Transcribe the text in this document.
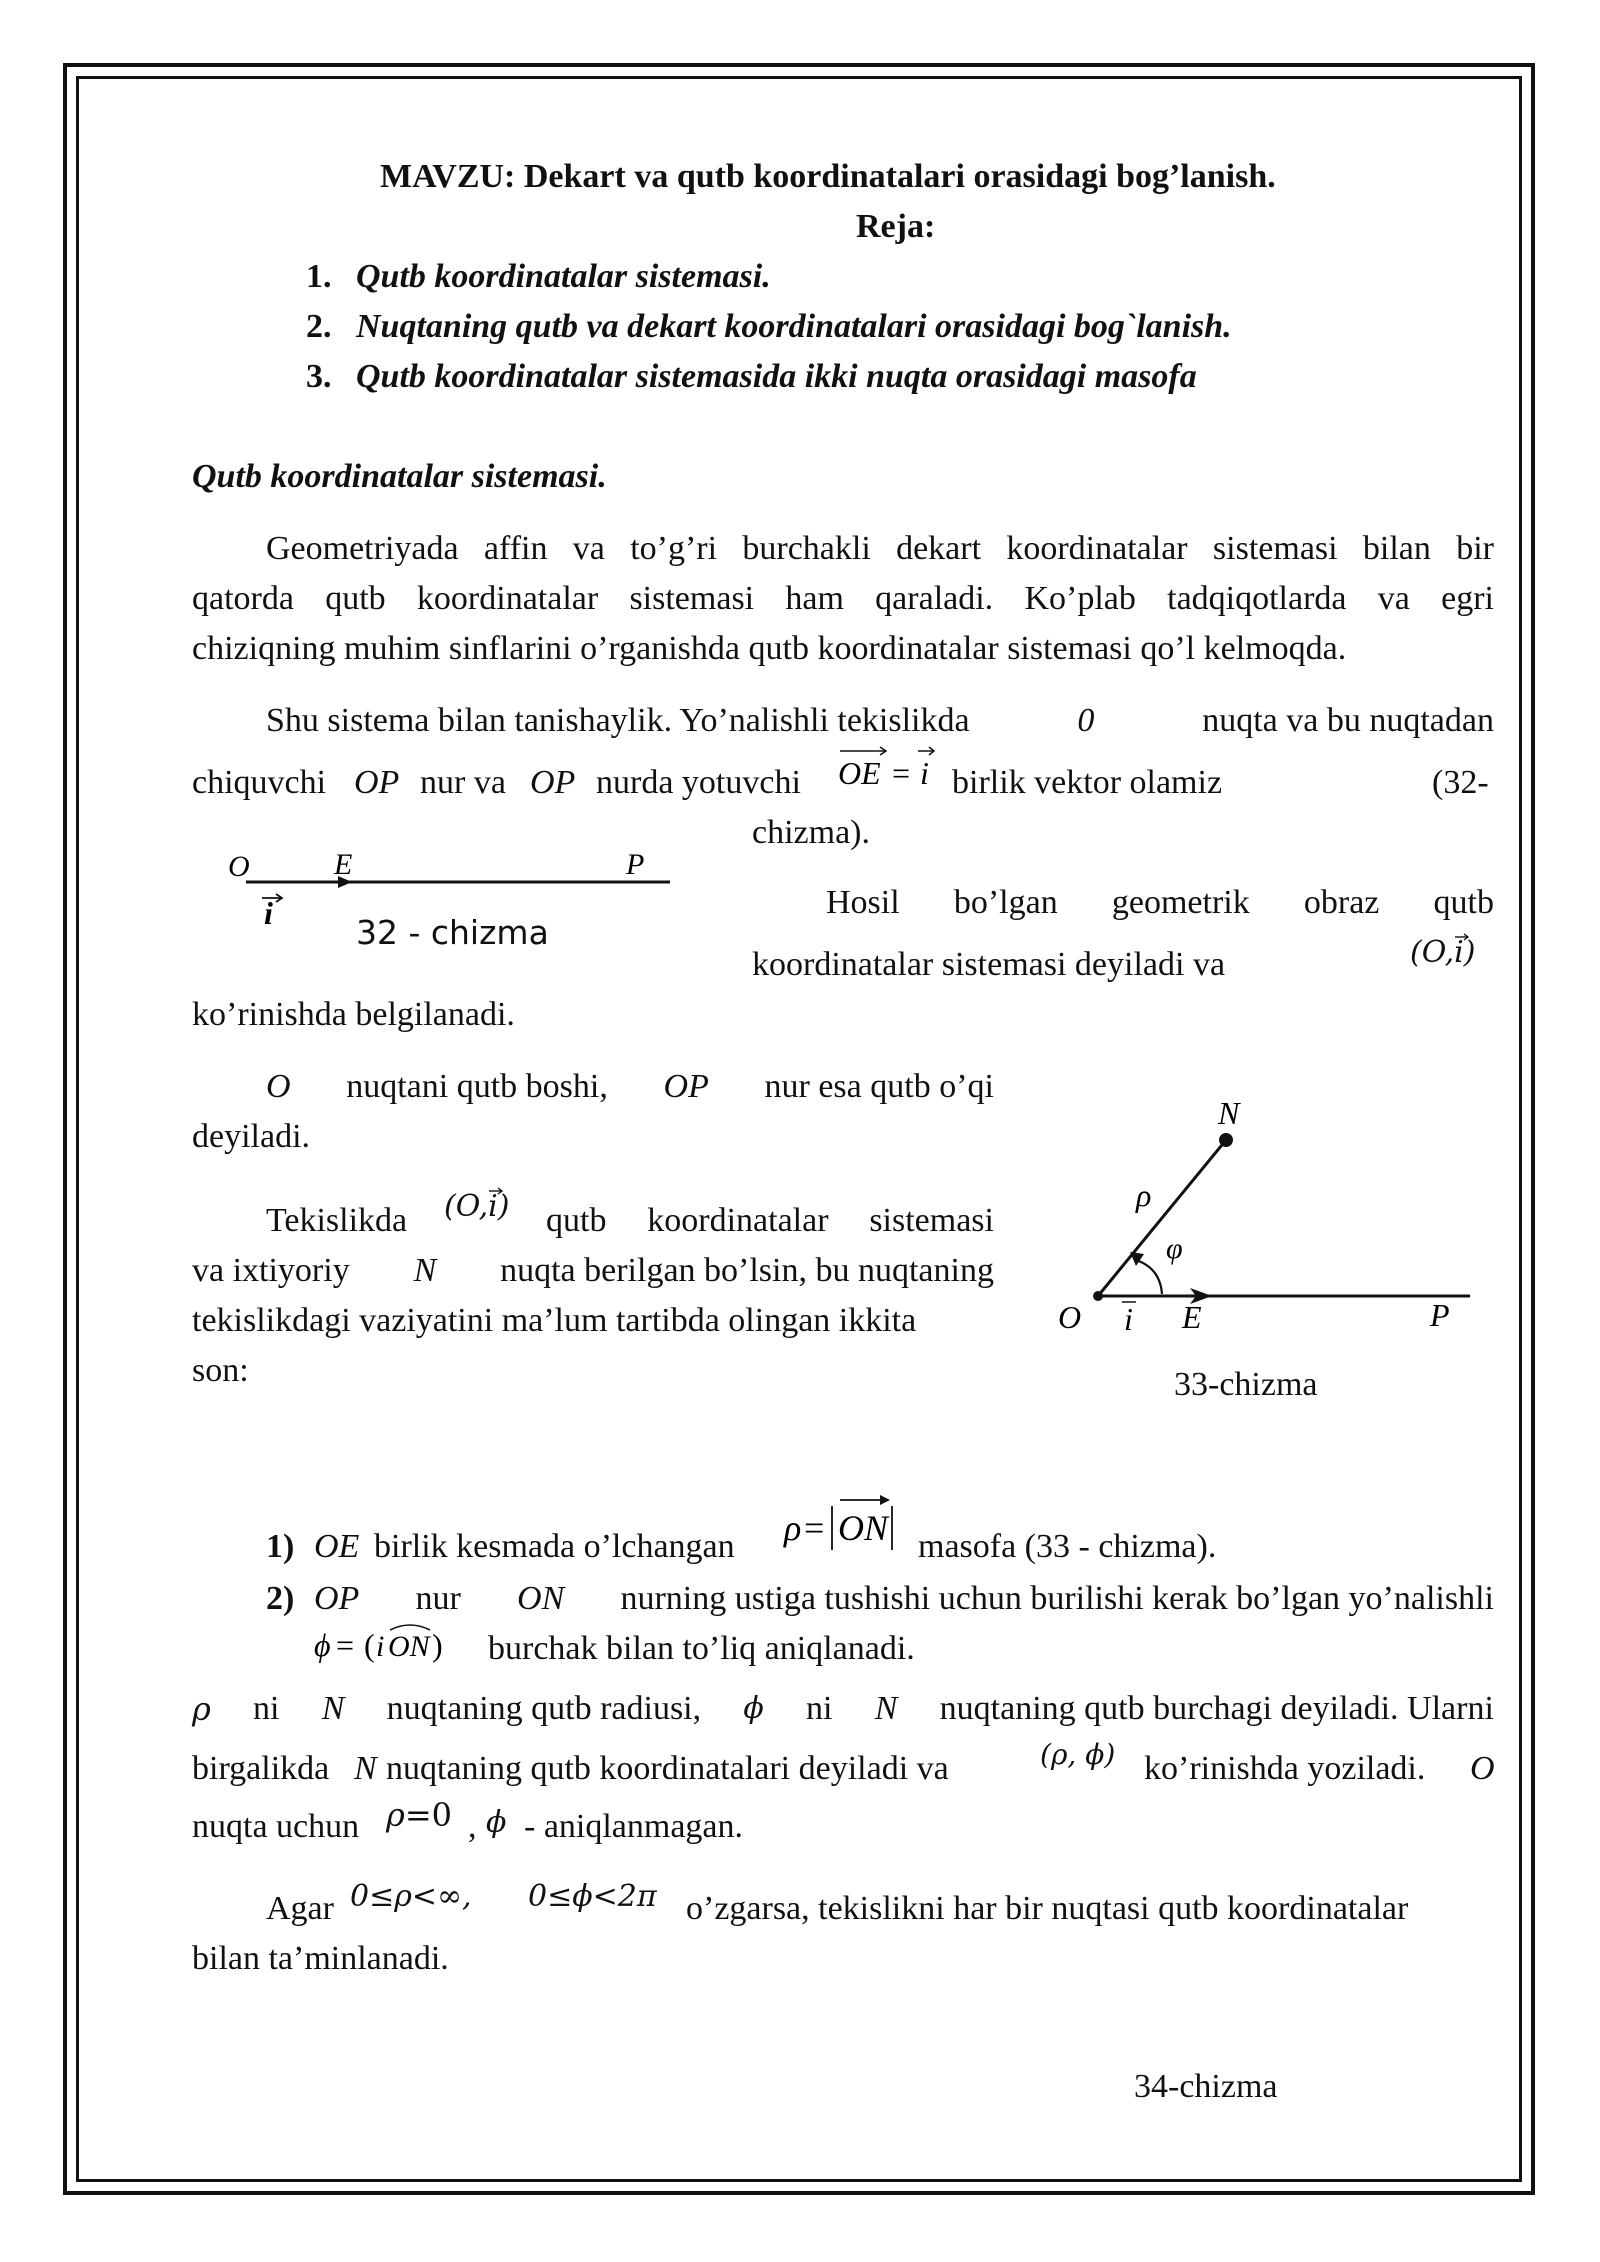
MAVZU: Dekart va qutb koordinatalari orasidagi bog’lanish.
Reja:
1. Qutb koordinatalar sistemasi.
2. Nuqtaning qutb va dekart koordinatalari orasidagi bog`lanish.
3. Qutb koordinatalar sistemasida ikki nuqta orasidagi masofa
Qutb koordinatalar sistemasi.
Geometriyada affin va to’g’ri burchakli dekart koordinatalar sistemasi bilan bir
qatorda qutb koordinatalar sistemasi ham qaraladi. Ko’plab tadqiqotlarda va egri
chiziqning muhim sinflarini o’rganishda qutb koordinatalar sistemasi qo’l kelmoqda.
Shu sistema bilan tanishaylik. Yo’nalishli tekislikda	0	nuqta va bu nuqtadan
chiquvchi OP nur va OP nurda yotuvchi OE = i birlik vektor olamiz	(32-
chizma).
O	E	P
i	32 - chizma
Hosil bo’lgan geometrik obraz qutb
koordinatalar sistemasi deyiladi va	(O,i
)
ko’rinishda belgilanadi.
O nuqtani qutb boshi, OP nur esa qutb o’qi
deyiladi.
Tekislikda (O,i
) qutb koordinatalar sistemasi
va ixtiyoriy N nuqta berilgan bo’lsin, bu nuqtaning
tekislikdagi vaziyatini ma’lum tartibda olingan ikkita
son:
N
ρ
φ
O i E	P
33-chizma
1) OE birlik kesmada o’lchangan ρ = ON masofa (33 - chizma).
2) OP nur ON nurning ustiga tushishi uchun burilishi kerak bo’lgan yo’nalishli
ϕ = ( i ON ) burchak bilan to’liq aniqlanadi.
ρ ni N nuqtaning qutb radiusi, ϕ ni N nuqtaning qutb burchagi deyiladi. Ularni
birgalikda N nuqtaning qutb koordinatalari deyiladi va	(ρ, ϕ) ko’rinishda yoziladi. O
nuqta uchun ρ=0 , ϕ - aniqlanmagan.
Agar 0≤ρ<∞, 0≤ϕ<2π o’zgarsa, tekislikni har bir nuqtasi qutb koordinatalar
bilan ta’minlanadi.
34-chizma
